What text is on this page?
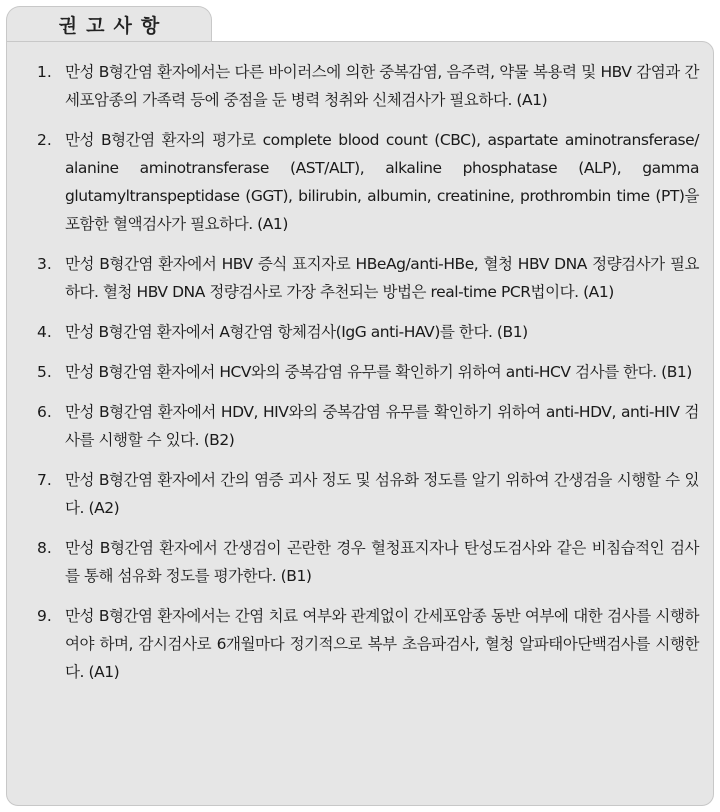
권고사항
1. 만성 B형간염 환자에서는 다른 바이러스에 의한 중복감염, 음주력, 약물 복용력 및 HBV 감염과 간세포암종의 가족력 등에 중점을 둔 병력 청취와 신체검사가 필요하다. (A1)
2. 만성 B형간염 환자의 평가로 complete blood count (CBC), aspartate aminotransferase/ alanine aminotransferase (AST/ALT), alkaline phosphatase (ALP), gamma glutamyltranspeptidase (GGT), bilirubin, albumin, creatinine, prothrombin time (PT)을 포함한 혈액검사가 필요하다. (A1)
3. 만성 B형간염 환자에서 HBV 증식 표지자로 HBeAg/anti-HBe, 혈청 HBV DNA 정량검사가 필요하다. 혈청 HBV DNA 정량검사로 가장 추천되는 방법은 real-time PCR법이다. (A1)
4. 만성 B형간염 환자에서 A형간염 항체검사(IgG anti-HAV)를 한다. (B1)
5. 만성 B형간염 환자에서 HCV와의 중복감염 유무를 확인하기 위하여 anti-HCV 검사를 한다. (B1)
6. 만성 B형간염 환자에서 HDV, HIV와의 중복감염 유무를 확인하기 위하여 anti-HDV, anti-HIV 검사를 시행할 수 있다. (B2)
7. 만성 B형간염 환자에서 간의 염증 괴사 정도 및 섬유화 정도를 알기 위하여 간생검을 시행할 수 있다. (A2)
8. 만성 B형간염 환자에서 간생검이 곤란한 경우 혈청표지자나 탄성도검사와 같은 비침습적인 검사를 통해 섬유화 정도를 평가한다. (B1)
9. 만성 B형간염 환자에서는 간염 치료 여부와 관계없이 간세포암종 동반 여부에 대한 검사를 시행하여야 하며, 감시검사로 6개월마다 정기적으로 복부 초음파검사, 혈청 알파태아단백검사를 시행한다. (A1)
